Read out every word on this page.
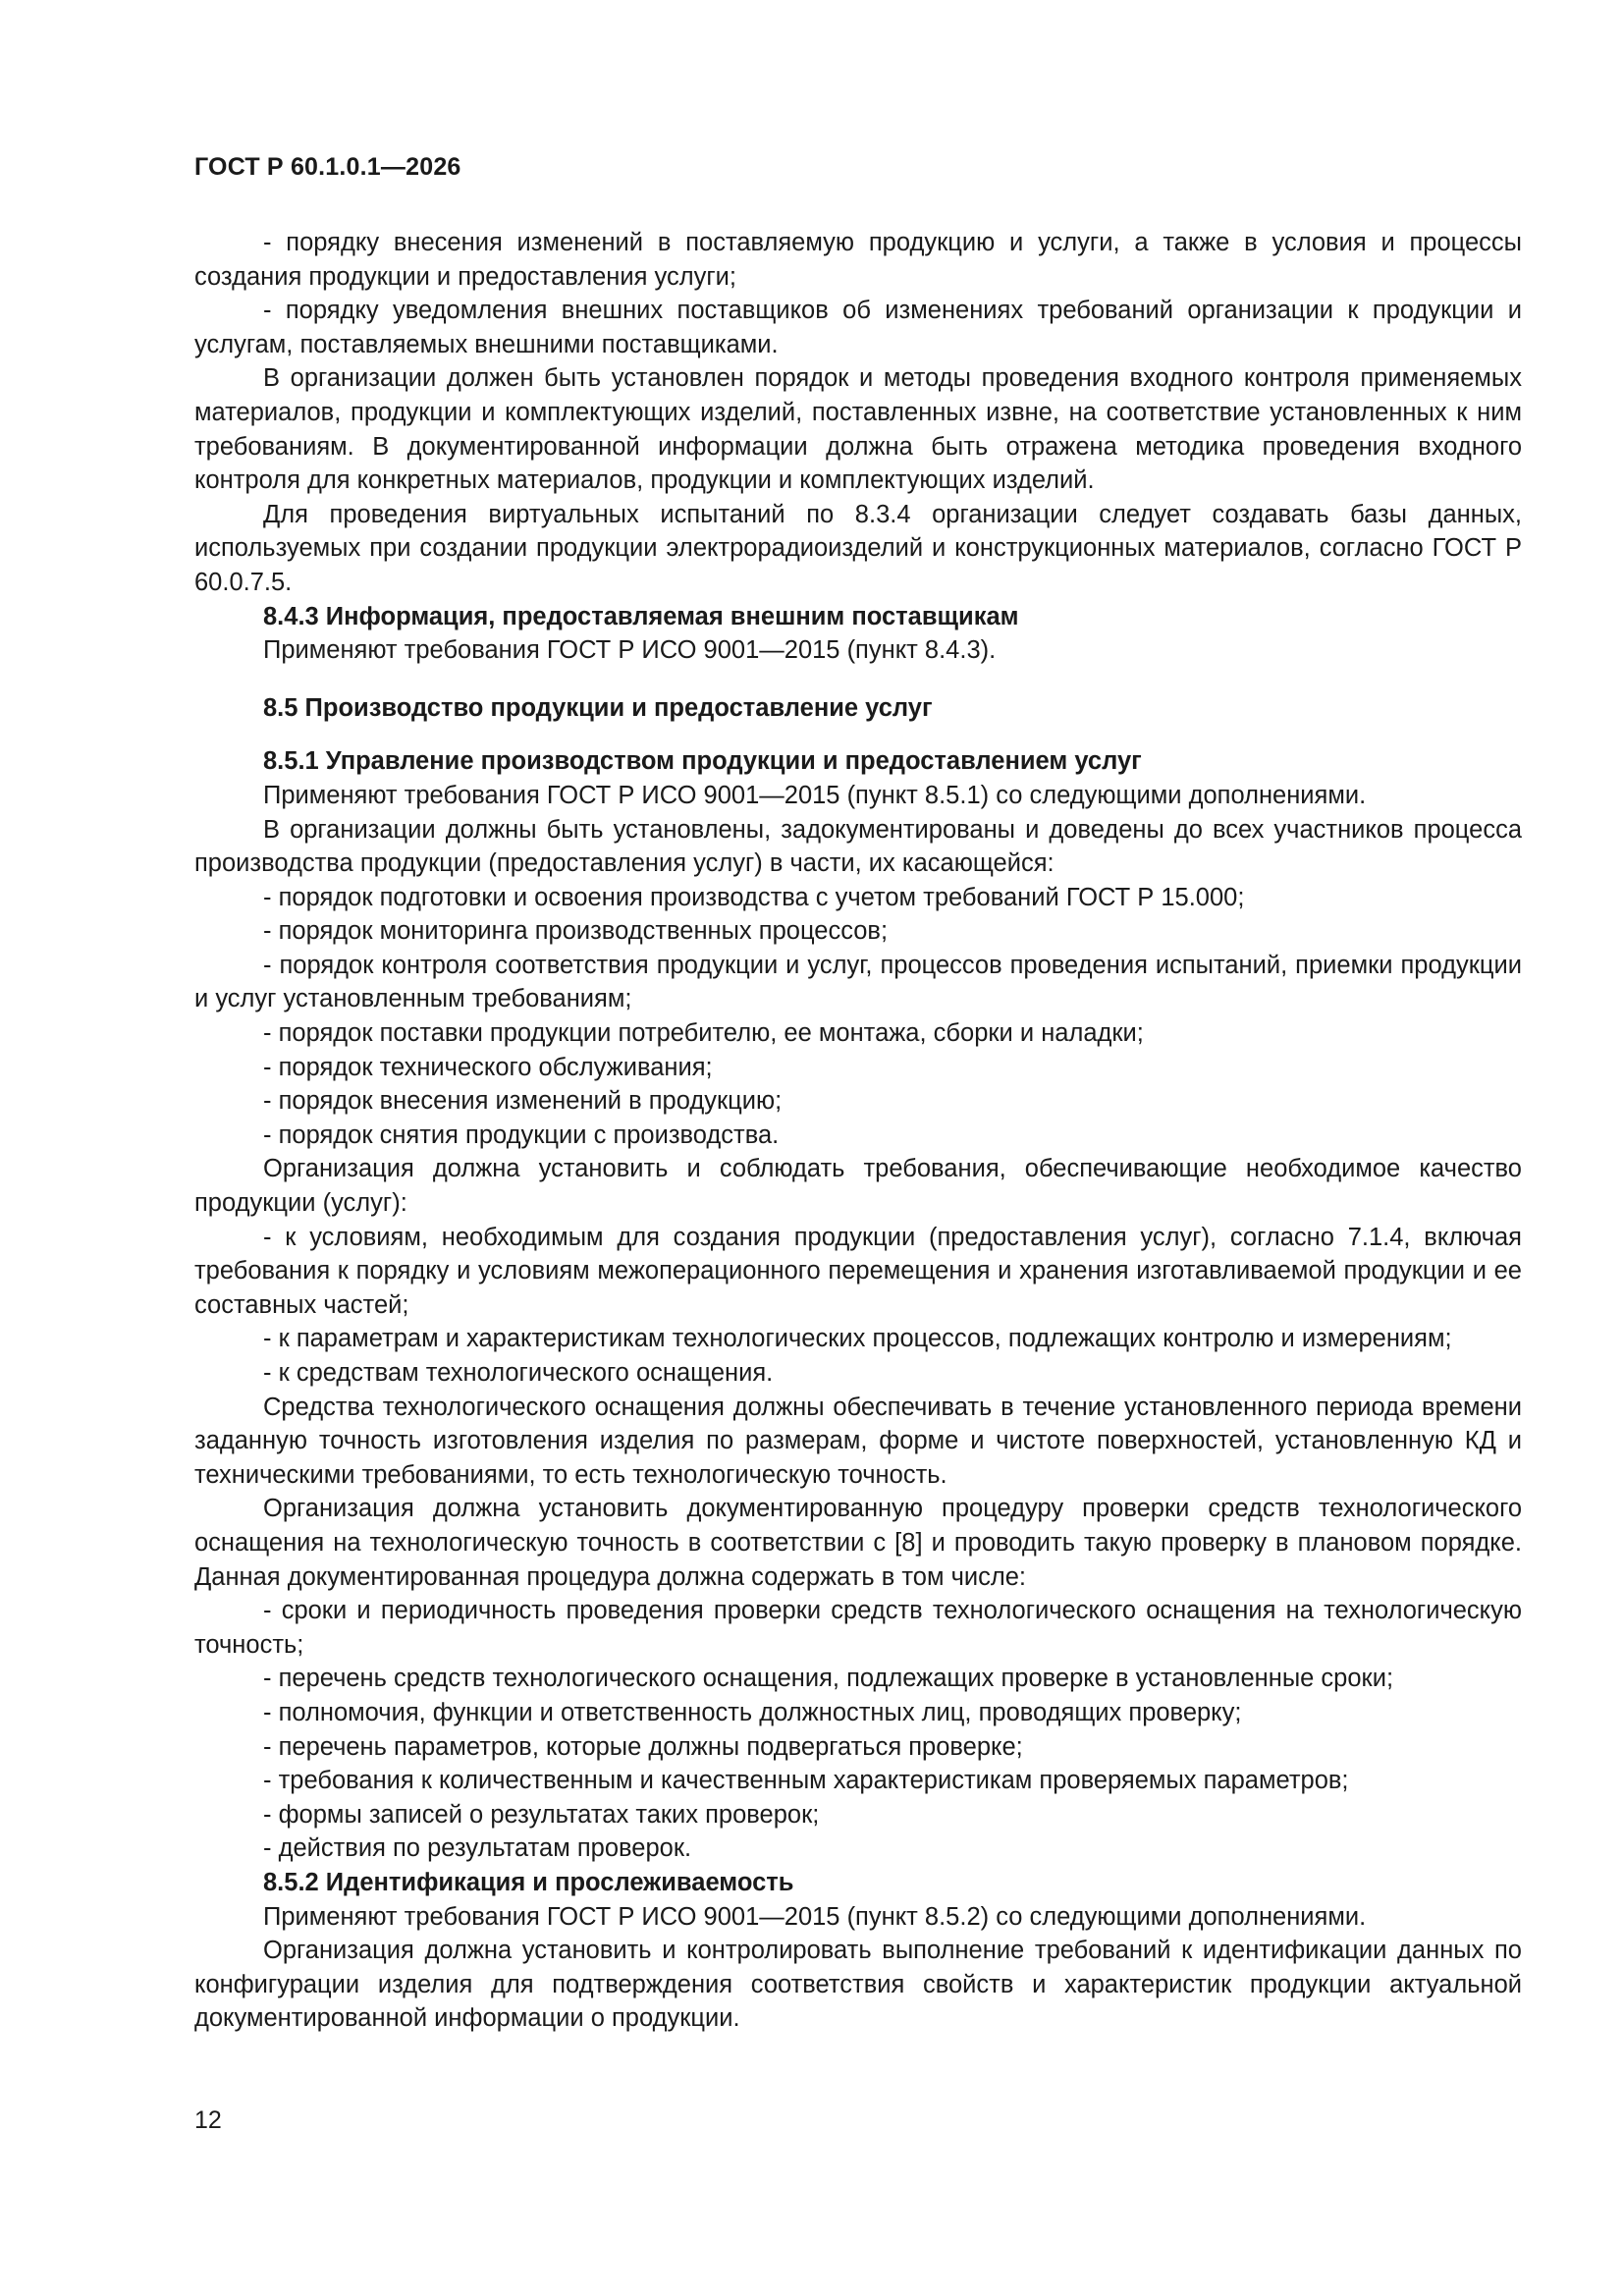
ГОСТ Р 60.1.0.1—2026

- порядку внесения изменений в поставляемую продукцию и услуги, а также в условия и процессы создания продукции и предоставления услуги;

- порядку уведомления внешних поставщиков об изменениях требований организации к продукции и услугам, поставляемых внешними поставщиками.

В организации должен быть установлен порядок и методы проведения входного контроля применяемых материалов, продукции и комплектующих изделий, поставленных извне, на соответствие установленных к ним требованиям. В документированной информации должна быть отражена методика проведения входного контроля для конкретных материалов, продукции и комплектующих изделий.

Для проведения виртуальных испытаний по 8.3.4 организации следует создавать базы данных, используемых при создании продукции электрорадиоизделий и конструкционных материалов, согласно ГОСТ Р 60.0.7.5.

8.4.3 Информация, предоставляемая внешним поставщикам

Применяют требования ГОСТ Р ИСО 9001—2015 (пункт 8.4.3).

8.5 Производство продукции и предоставление услуг
8.5.1 Управление производством продукции и предоставлением услуг

Применяют требования ГОСТ Р ИСО 9001—2015 (пункт 8.5.1) со следующими дополнениями.

В организации должны быть установлены, задокументированы и доведены до всех участников процесса производства продукции (предоставления услуг) в части, их касающейся:

- порядок подготовки и освоения производства с учетом требований ГОСТ Р 15.000;

- порядок мониторинга производственных процессов;

- порядок контроля соответствия продукции и услуг, процессов проведения испытаний, приемки продукции и услуг установленным требованиям;

- порядок поставки продукции потребителю, ее монтажа, сборки и наладки;

- порядок технического обслуживания;

- порядок внесения изменений в продукцию;

- порядок снятия продукции с производства.

Организация должна установить и соблюдать требования, обеспечивающие необходимое качество продукции (услуг):

- к условиям, необходимым для создания продукции (предоставления услуг), согласно 7.1.4, включая требования к порядку и условиям межоперационного перемещения и хранения изготавливаемой продукции и ее составных частей;

- к параметрам и характеристикам технологических процессов, подлежащих контролю и измерениям;

- к средствам технологического оснащения.

Средства технологического оснащения должны обеспечивать в течение установленного периода времени заданную точность изготовления изделия по размерам, форме и чистоте поверхностей, установленную КД и техническими требованиями, то есть технологическую точность.

Организация должна установить документированную процедуру проверки средств технологического оснащения на технологическую точность в соответствии с [8] и проводить такую проверку в плановом порядке. Данная документированная процедура должна содержать в том числе:

- сроки и периодичность проведения проверки средств технологического оснащения на технологическую точность;

- перечень средств технологического оснащения, подлежащих проверке в установленные сроки;

- полномочия, функции и ответственность должностных лиц, проводящих проверку;

- перечень параметров, которые должны подвергаться проверке;

- требования к количественным и качественным характеристикам проверяемых параметров;

- формы записей о результатах таких проверок;

- действия по результатам проверок.

8.5.2 Идентификация и прослеживаемость

Применяют требования ГОСТ Р ИСО 9001—2015 (пункт 8.5.2) со следующими дополнениями.

Организация должна установить и контролировать выполнение требований к идентификации данных по конфигурации изделия для подтверждения соответствия свойств и характеристик продукции актуальной документированной информации о продукции.

12
